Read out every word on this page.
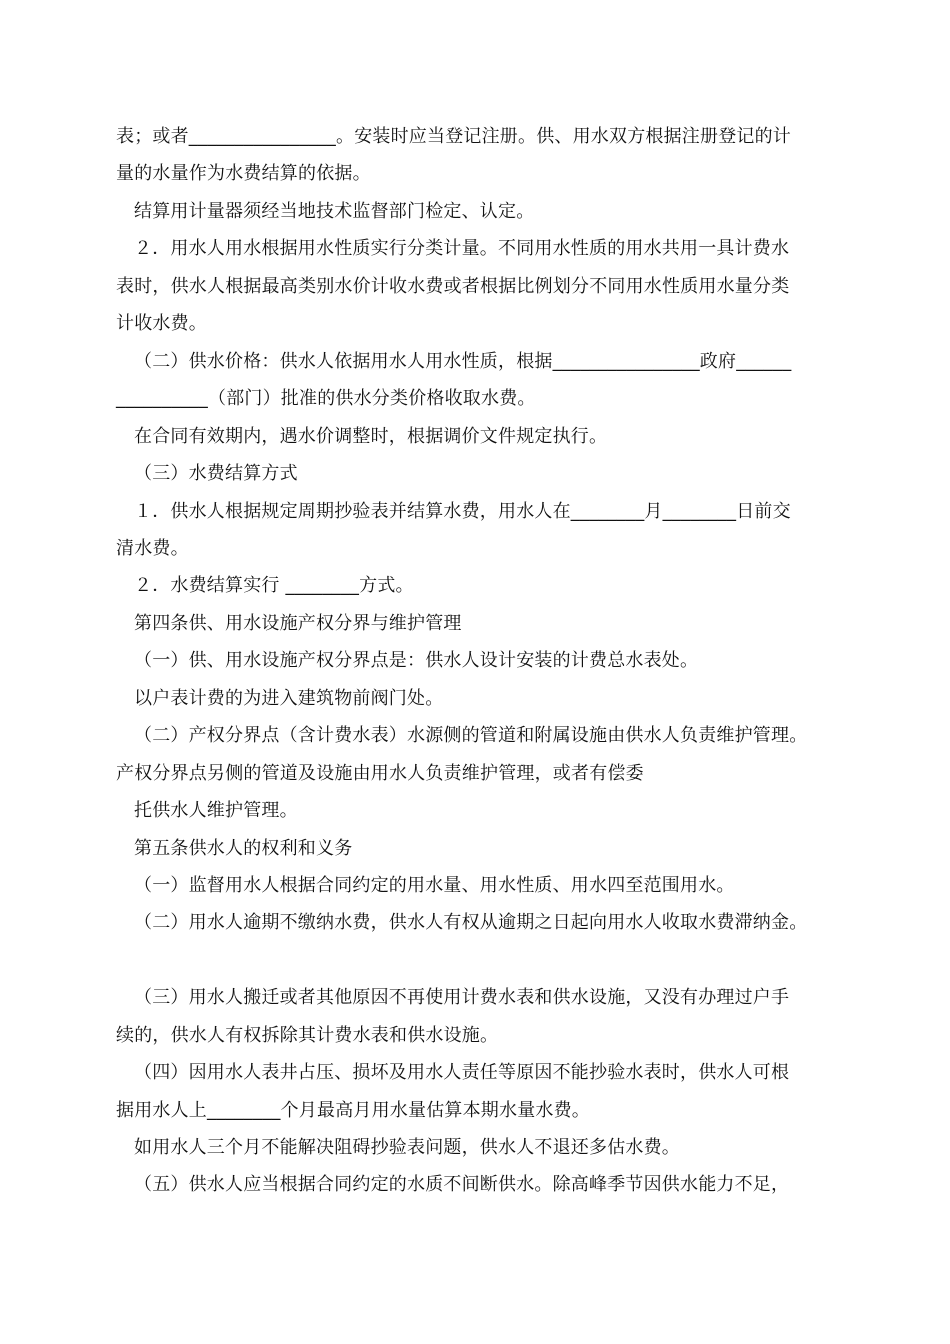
表；或者________________。安装时应当登记注册。供、用水双方根据注册登记的计
量的水量作为水费结算的依据。
结算用计量器须经当地技术监督部门检定、认定。
２．用水人用水根据用水性质实行分类计量。不同用水性质的用水共用一具计费水
表时，供水人根据最高类别水价计收水费或者根据比例划分不同用水性质用水量分类
计收水费。
（二）供水价格：供水人依据用水人用水性质，根据________________政府______
__________（部门）批准的供水分类价格收取水费。
在合同有效期内，遇水价调整时，根据调价文件规定执行。
（三）水费结算方式
１．供水人根据规定周期抄验表并结算水费，用水人在________月________日前交
清水费。
２．水费结算实行 ________方式。
第四条供、用水设施产权分界与维护管理
（一）供、用水设施产权分界点是：供水人设计安装的计费总水表处。
以户表计费的为进入建筑物前阀门处。
（二）产权分界点（含计费水表）水源侧的管道和附属设施由供水人负责维护管理。
产权分界点另侧的管道及设施由用水人负责维护管理，或者有偿委
托供水人维护管理。
第五条供水人的权利和义务
（一）监督用水人根据合同约定的用水量、用水性质、用水四至范围用水。
（二）用水人逾期不缴纳水费，供水人有权从逾期之日起向用水人收取水费滞纳金。
（三）用水人搬迁或者其他原因不再使用计费水表和供水设施，又没有办理过户手
续的，供水人有权拆除其计费水表和供水设施。
（四）因用水人表井占压、损坏及用水人责任等原因不能抄验水表时，供水人可根
据用水人上________个月最高月用水量估算本期水量水费。
如用水人三个月不能解决阻碍抄验表问题，供水人不退还多估水费。
（五）供水人应当根据合同约定的水质不间断供水。除高峰季节因供水能力不足，
